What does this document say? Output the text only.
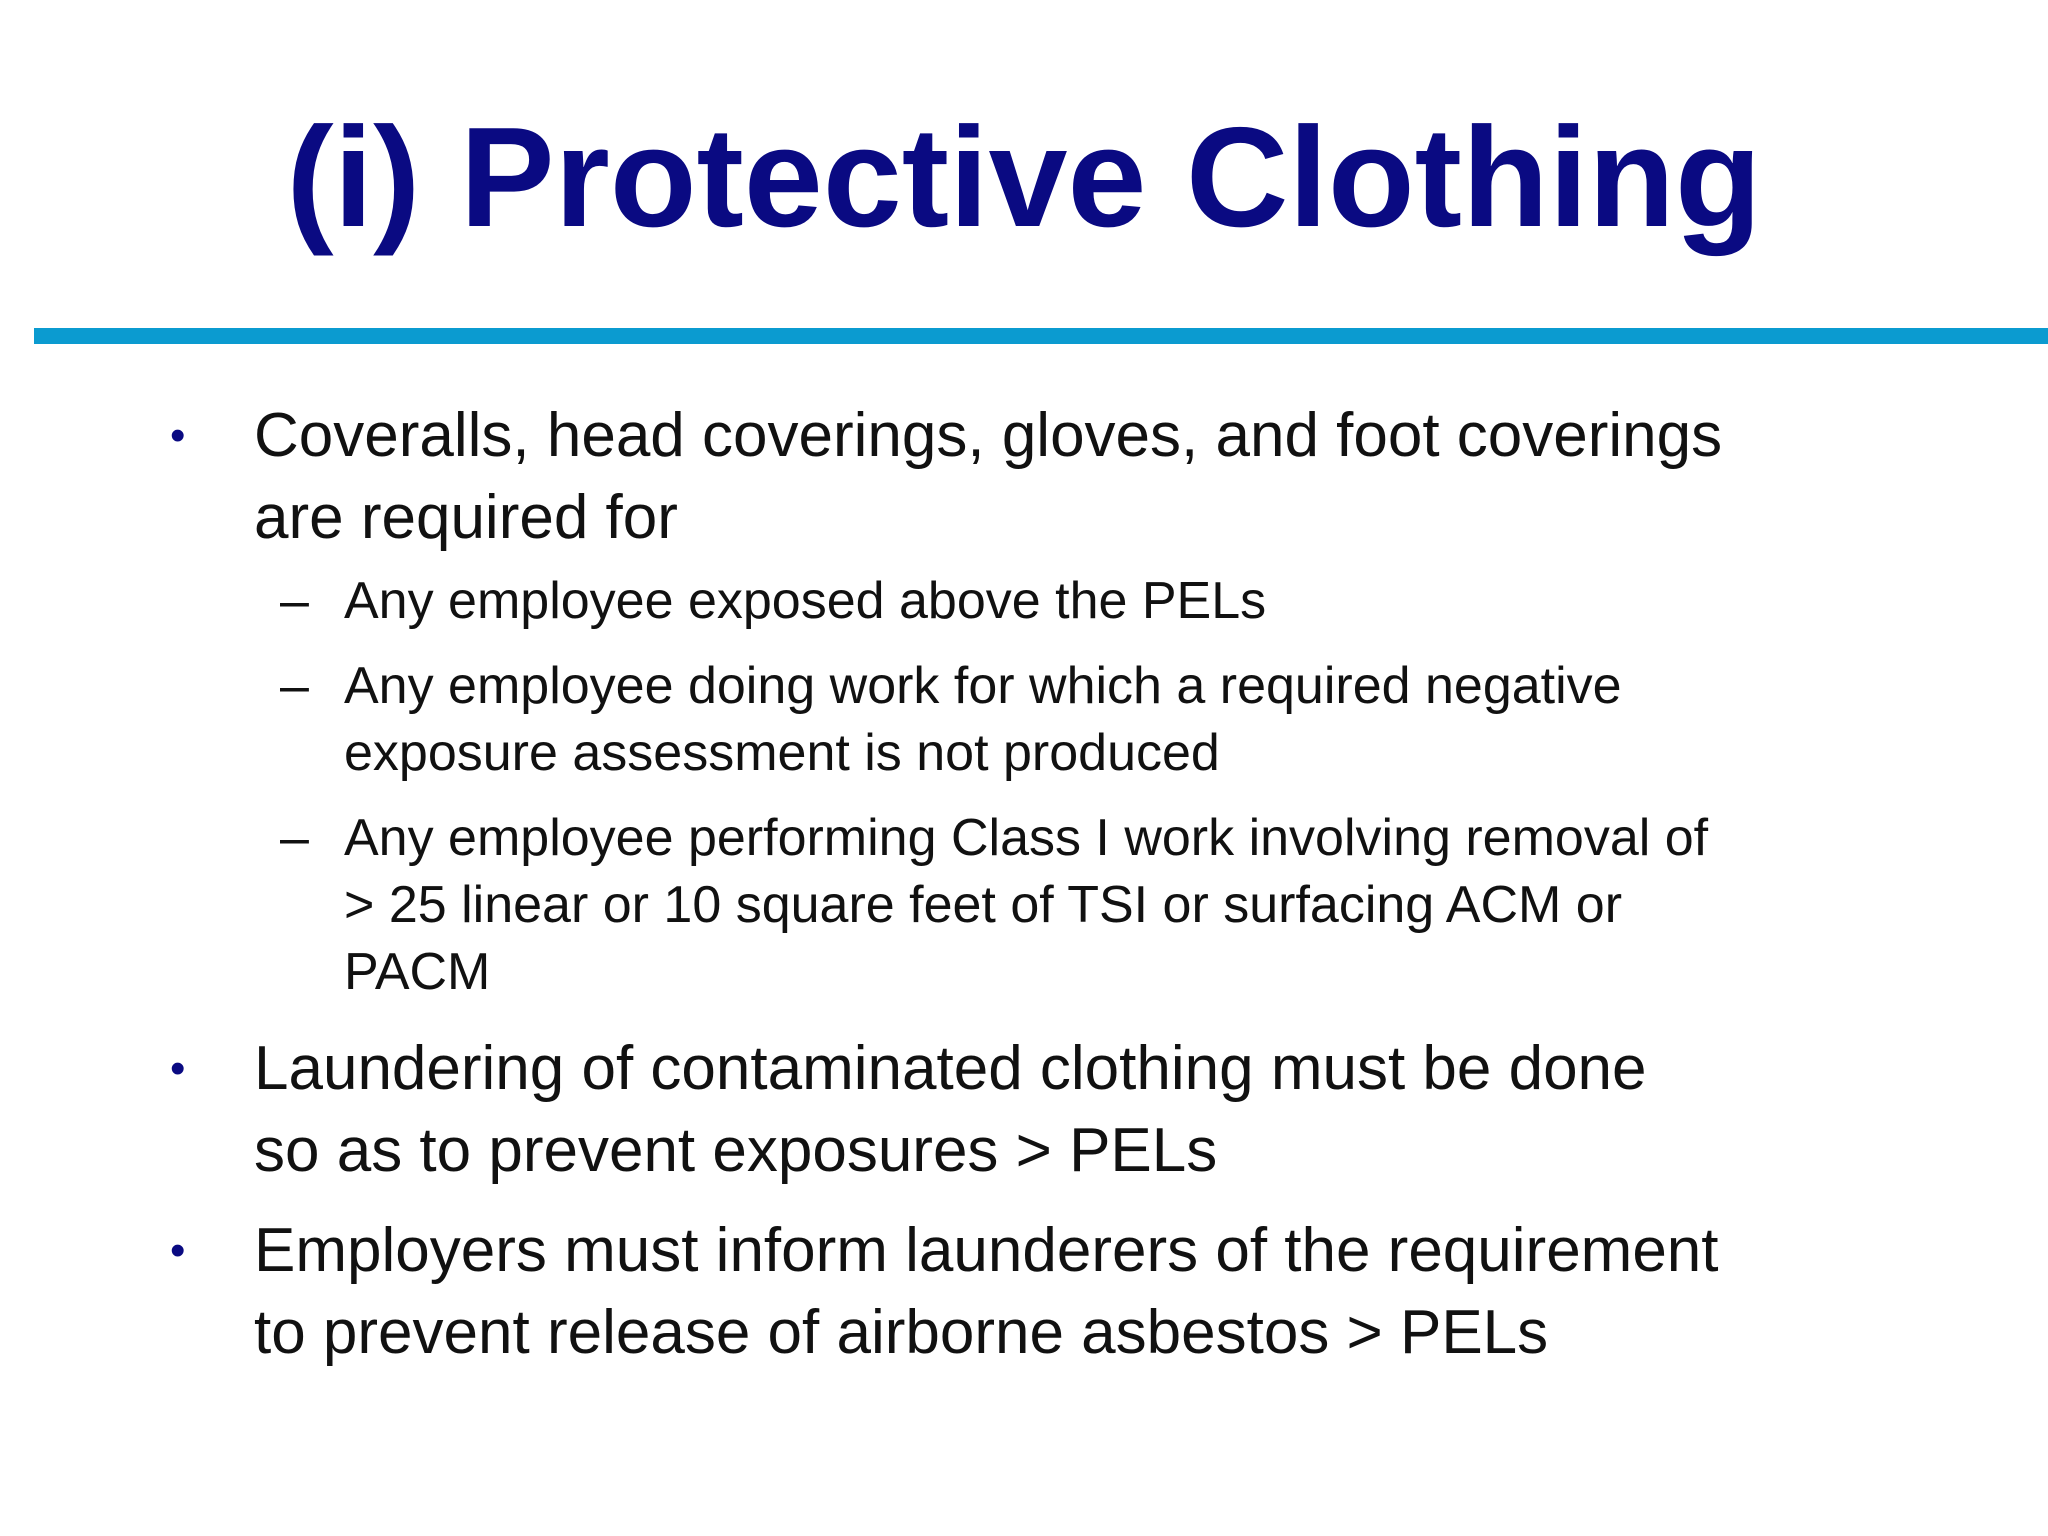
(i) Protective Clothing
•	Coveralls, head coverings, gloves, and foot coverings
are required for
– Any employee exposed above the PELs
– Any employee doing work for which a required negative
exposure assessment is not produced
– Any employee performing Class I work involving removal of
> 25 linear or 10 square feet of TSI or surfacing ACM or
PACM
•	Laundering of contaminated clothing must be done
so as to prevent exposures > PELs
•	Employers must inform launderers of the requirement
to prevent release of airborne asbestos > PELs
